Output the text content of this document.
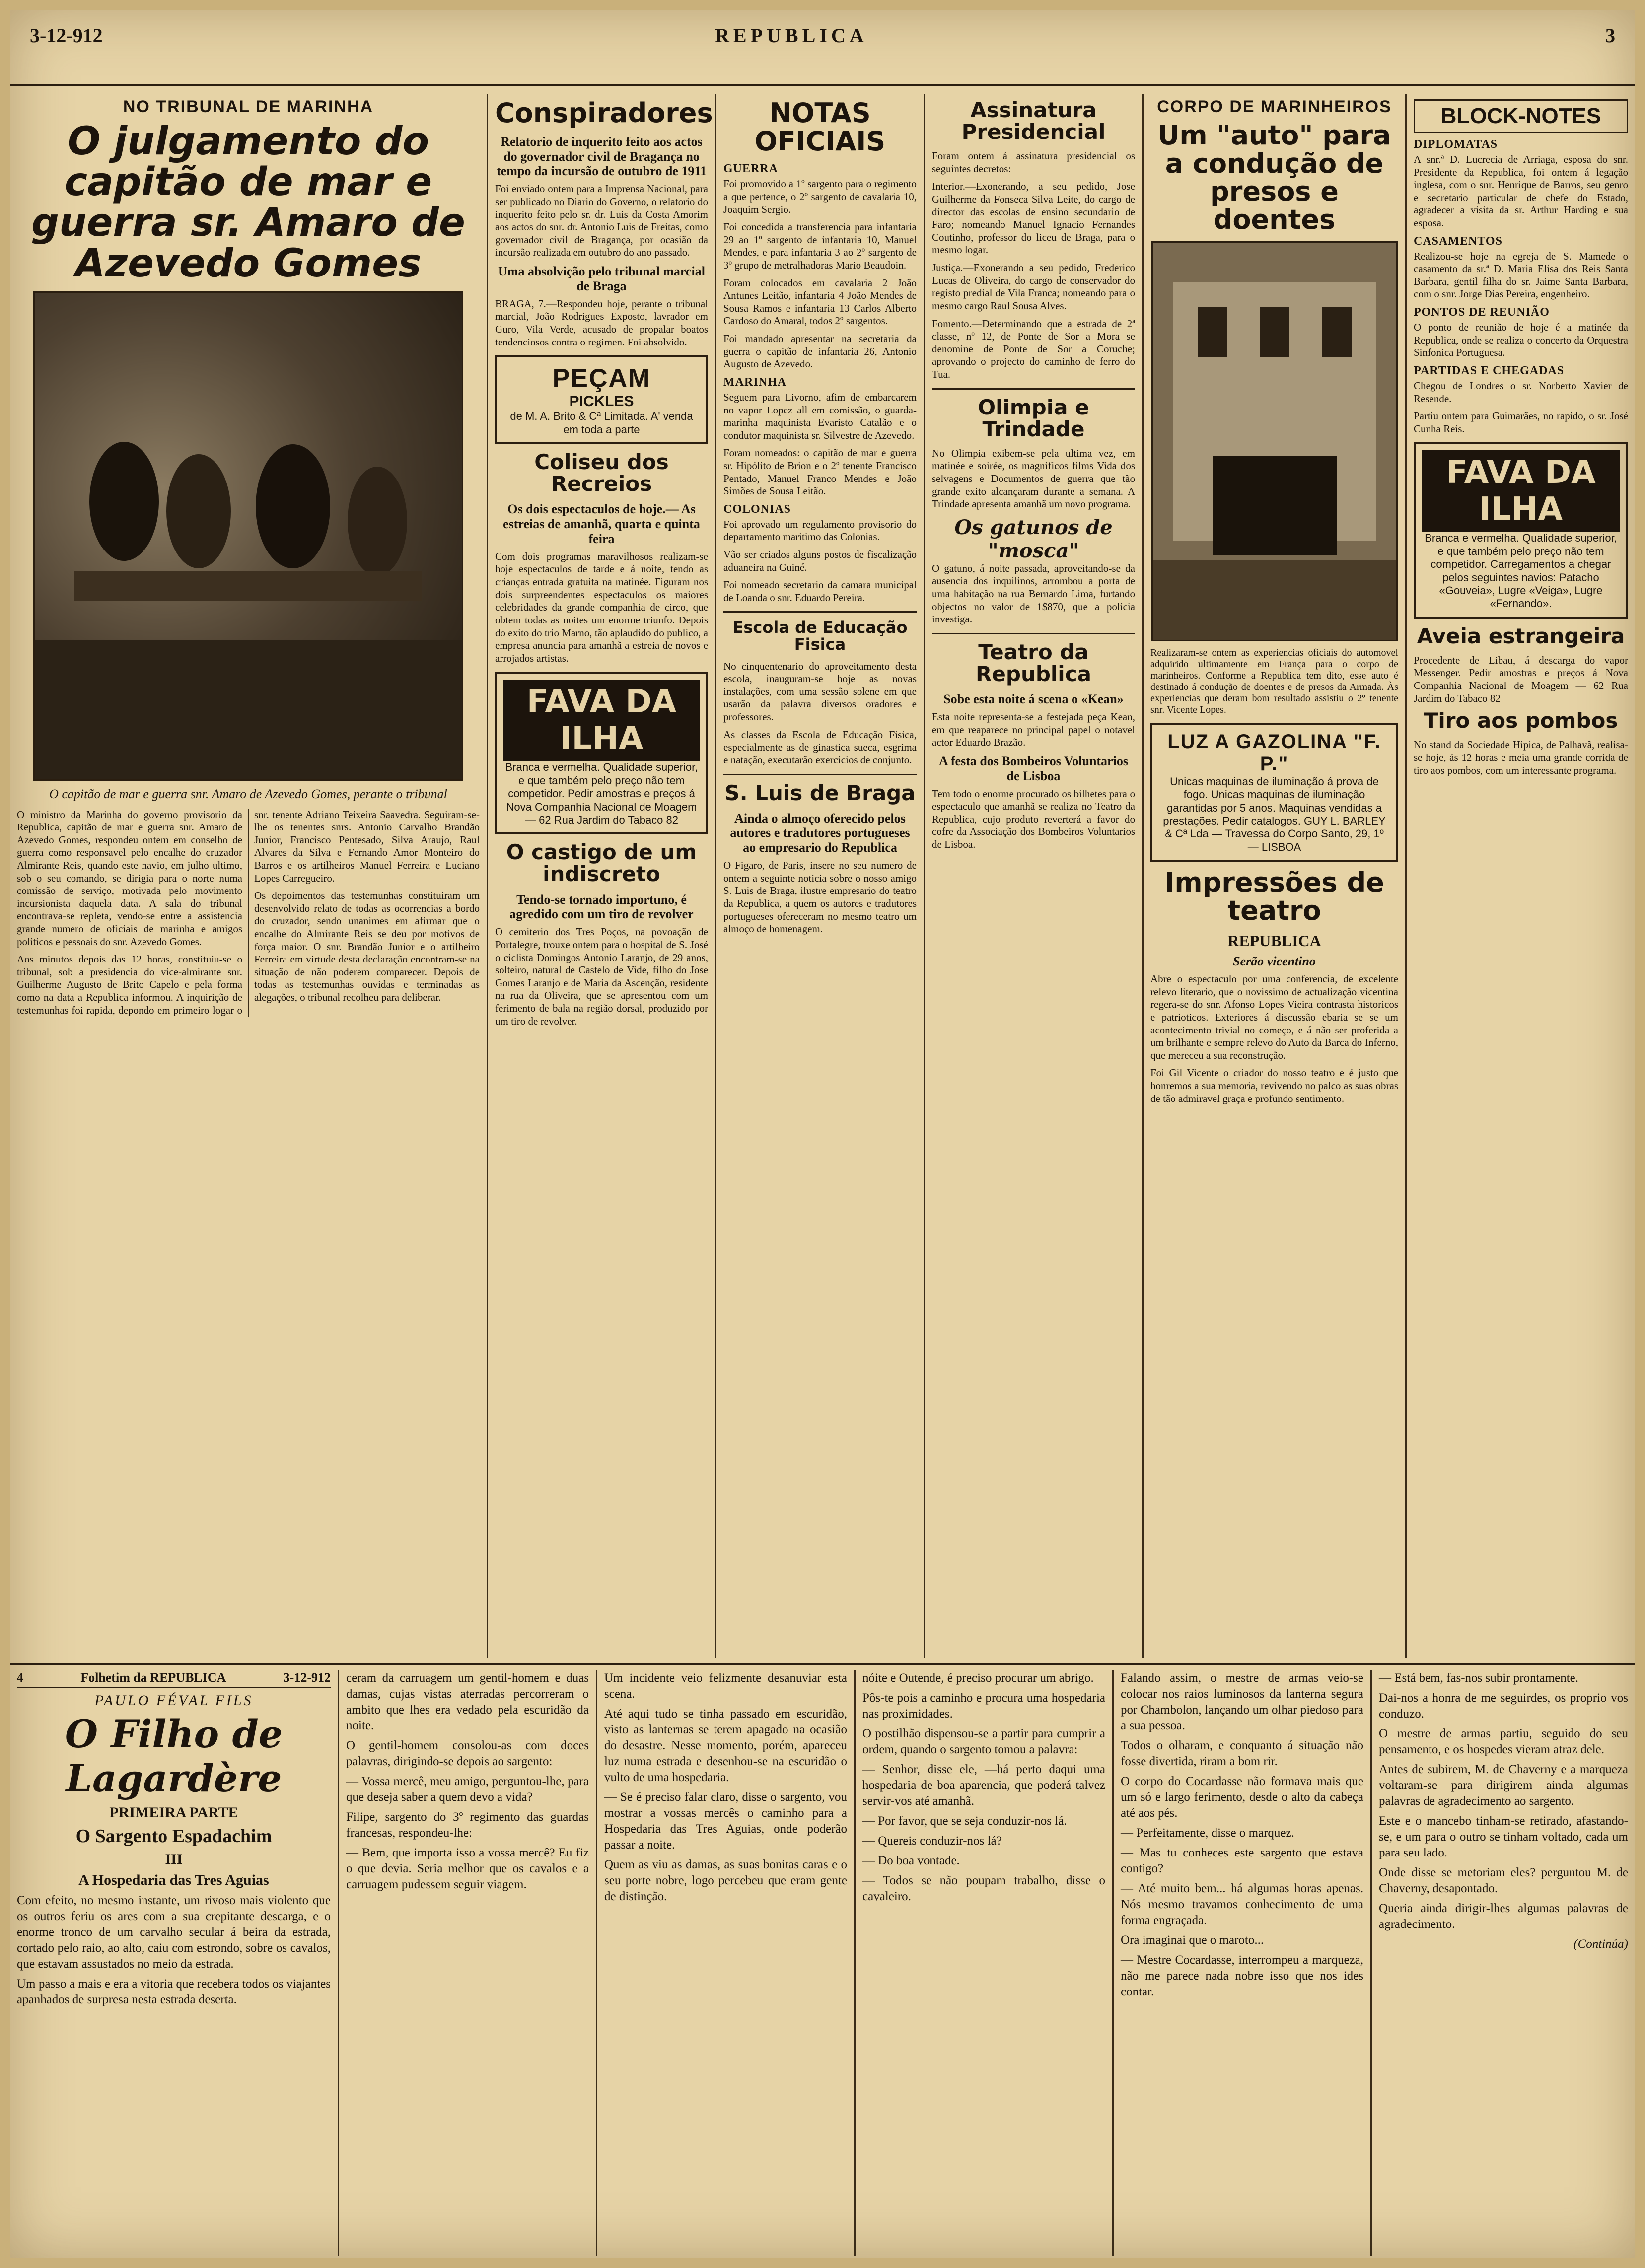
3-12-912	REPUBLICA	3
NO TRIBUNAL DE MARINHA
O julgamento do capitão de mar e guerra sr. Amaro de Azevedo Gomes
O capitão de mar e guerra snr. Amaro de Azevedo Gomes, perante o tribunal

O ministro da Marinha do governo provisorio da Republica, capitão de mar e guerra snr. Amaro de Azevedo Gomes, respondeu ontem em conselho de guerra como responsavel pelo encalhe do cruzador Almirante Reis, quando este navio, em julho ultimo, sob o seu comando, se dirigia para o norte numa comissão de serviço, motivada pelo movimento incursionista daquela data. A sala do tribunal encontrava-se repleta, vendo-se entre a assistencia grande numero de oficiais de marinha e amigos politicos e pessoais do snr. Azevedo Gomes.

Aos minutos depois das 12 horas, constituiu-se o tribunal, sob a presidencia do vice-almirante snr. Guilherme Augusto de Brito Capelo e pela forma como na data a Republica informou. A inquirição de testemunhas foi rapida, depondo em primeiro logar o snr. tenente Adriano Teixeira Saavedra. Seguiram-se-lhe os tenentes snrs. Antonio Carvalho Brandão Junior, Francisco Pentesado, Silva Araujo, Raul Alvares da Silva e Fernando Amor Monteiro do Barros e os artilheiros Manuel Ferreira e Luciano Lopes Carregueiro.

Os depoimentos das testemunhas constituiram um desenvolvido relato de todas as ocorrencias a bordo do cruzador, sendo unanimes em afirmar que o encalhe do Almirante Reis se deu por motivos de força maior. O snr. Brandão Junior e o artilheiro Ferreira em virtude desta declaração encontram-se na situação de não poderem comparecer. Depois de todas as testemunhas ouvidas e terminadas as alegações, o tribunal recolheu para deliberar.

Conspiradores
Relatorio de inquerito feito aos actos do governador civil de Bragança no tempo da incursão de outubro de 1911

Foi enviado ontem para a Imprensa Nacional, para ser publicado no Diario do Governo, o relatorio do inquerito feito pelo sr. dr. Luis da Costa Amorim aos actos do snr. dr. Antonio Luis de Freitas, como governador civil de Bragança, por ocasião da incursão realizada em outubro do ano passado.

Uma absolvição pelo tribunal marcial de Braga

BRAGA, 7.—Respondeu hoje, perante o tribunal marcial, João Rodrigues Exposto, lavrador em Guro, Vila Verde, acusado de propalar boatos tendenciosos contra o regimen. Foi absolvido.

PEÇAM
PICKLES
de M. A. Brito & Cª Limitada. A' venda em toda a parte
Coliseu dos Recreios
Os dois espectaculos de hoje.— As estreias de amanhã, quarta e quinta feira

Com dois programas maravilhosos realizam-se hoje espectaculos de tarde e á noite, tendo as crianças entrada gratuita na matinée. Figuram nos dois surpreendentes espectaculos os maiores celebridades da grande companhia de circo, que obtem todas as noites um enorme triunfo. Depois do exito do trio Marno, tão aplaudido do publico, a empresa anuncia para amanhã a estreia de novos e arrojados artistas.

FAVA DA ILHA
Branca e vermelha. Qualidade superior, e que também pelo preço não tem competidor. Pedir amostras e preços á Nova Companhia Nacional de Moagem — 62 Rua Jardim do Tabaco 82
O castigo de um indiscreto
Tendo-se tornado importuno, é agredido com um tiro de revolver

O cemiterio dos Tres Poços, na povoação de Portalegre, trouxe ontem para o hospital de S. José o ciclista Domingos Antonio Laranjo, de 29 anos, solteiro, natural de Castelo de Vide, filho do Jose Gomes Laranjo e de Maria da Ascenção, residente na rua da Oliveira, que se apresentou com um ferimento de bala na região dorsal, produzido por um tiro de revolver.

NOTAS OFICIAIS
GUERRA

Foi promovido a 1º sargento para o regimento a que pertence, o 2º sargento de cavalaria 10, Joaquim Sergio.

Foi concedida a transferencia para infantaria 29 ao 1º sargento de infantaria 10, Manuel Mendes, e para infantaria 3 ao 2º sargento de 3º grupo de metralhadoras Mario Beaudoin.

Foram colocados em cavalaria 2 João Antunes Leitão, infantaria 4 João Mendes de Sousa Ramos e infantaria 13 Carlos Alberto Cardoso do Amaral, todos 2º sargentos.

Foi mandado apresentar na secretaria da guerra o capitão de infantaria 26, Antonio Augusto de Azevedo.

MARINHA

Seguem para Livorno, afim de embarcarem no vapor Lopez all em comissão, o guarda-marinha maquinista Evaristo Catalão e o condutor maquinista sr. Silvestre de Azevedo.

Foram nomeados: o capitão de mar e guerra sr. Hipólito de Brion e o 2º tenente Francisco Pentado, Manuel Franco Mendes e João Simões de Sousa Leitão.

COLONIAS

Foi aprovado um regulamento provisorio do departamento maritimo das Colonias.

Vão ser criados alguns postos de fiscalização aduaneira na Guiné.

Foi nomeado secretario da camara municipal de Loanda o snr. Eduardo Pereira.

Escola de Educação Fisica

No cinquentenario do aproveitamento desta escola, inauguram-se hoje as novas instalações, com uma sessão solene em que usarão da palavra diversos oradores e professores.

As classes da Escola de Educação Fisica, especialmente as de ginastica sueca, esgrima e natação, executarão exercicios de conjunto.

S. Luis de Braga
Ainda o almoço oferecido pelos autores e tradutores portugueses ao empresario do Republica

O Figaro, de Paris, insere no seu numero de ontem a seguinte noticia sobre o nosso amigo S. Luis de Braga, ilustre empresario do teatro da Republica, a quem os autores e tradutores portugueses ofereceram no mesmo teatro um almoço de homenagem.

Assinatura Presidencial

Foram ontem á assinatura presidencial os seguintes decretos:

Interior.—Exonerando, a seu pedido, Jose Guilherme da Fonseca Silva Leite, do cargo de director das escolas de ensino secundario de Faro; nomeando Manuel Ignacio Fernandes Coutinho, professor do liceu de Braga, para o mesmo logar.

Justiça.—Exonerando a seu pedido, Frederico Lucas de Oliveira, do cargo de conservador do registo predial de Vila Franca; nomeando para o mesmo cargo Raul Sousa Alves.

Fomento.—Determinando que a estrada de 2ª classe, nº 12, de Ponte de Sor a Mora se denomine de Ponte de Sor a Coruche; aprovando o projecto do caminho de ferro do Tua.

Olimpia e Trindade

No Olimpia exibem-se pela ultima vez, em matinée e soirée, os magnificos films Vida dos selvagens e Documentos de guerra que tão grande exito alcançaram durante a semana. A Trindade apresenta amanhã um novo programa.

Os gatunos de "mosca"

O gatuno, á noite passada, aproveitando-se da ausencia dos inquilinos, arrombou a porta de uma habitação na rua Bernardo Lima, furtando objectos no valor de 1$870, que a policia investiga.

Teatro da Republica
Sobe esta noite á scena o «Kean»

Esta noite representa-se a festejada peça Kean, em que reaparece no principal papel o notavel actor Eduardo Brazão.

A festa dos Bombeiros Voluntarios de Lisboa

Tem todo o enorme procurado os bilhetes para o espectaculo que amanhã se realiza no Teatro da Republica, cujo produto reverterá a favor do cofre da Associação dos Bombeiros Voluntarios de Lisboa.

CORPO DE MARINHEIROS
Um "auto" para a condução de presos e doentes
Realizaram-se ontem as experiencias oficiais do automovel adquirido ultimamente em França para o corpo de marinheiros. Conforme a Republica tem dito, esse auto é destinado á condução de doentes e de presos da Armada. Às experiencias que deram bom resultado assistiu o 2º tenente snr. Vicente Lopes.
LUZ A GAZOLINA "F. P."
Unicas maquinas de iluminação á prova de fogo. Unicas maquinas de iluminação garantidas por 5 anos. Maquinas vendidas a prestações. Pedir catalogos. GUY L. BARLEY & Cª Lda — Travessa do Corpo Santo, 29, 1º — LISBOA
Impressões de teatro
REPUBLICA
Serão vicentino

Abre o espectaculo por uma conferencia, de excelente relevo literario, que o novissimo de actualização vicentina regera-se do snr. Afonso Lopes Vieira contrasta historicos e patrioticos. Exteriores á discussão ebaria se se um acontecimento trivial no começo, e á não ser proferida a um brilhante e sempre relevo do Auto da Barca do Inferno, que mereceu a sua reconstrução.

Foi Gil Vicente o criador do nosso teatro e é justo que honremos a sua memoria, revivendo no palco as suas obras de tão admiravel graça e profundo sentimento.

BLOCK-NOTES
DIPLOMATAS

A snr.ª D. Lucrecia de Arriaga, esposa do snr. Presidente da Republica, foi ontem á legação inglesa, com o snr. Henrique de Barros, seu genro e secretario particular de chefe do Estado, agradecer a visita da sr. Arthur Harding e sua esposa.

CASAMENTOS

Realizou-se hoje na egreja de S. Mamede o casamento da sr.ª D. Maria Elisa dos Reis Santa Barbara, gentil filha do sr. Jaime Santa Barbara, com o snr. Jorge Dias Pereira, engenheiro.

PONTOS DE REUNIÃO

O ponto de reunião de hoje é a matinée da Republica, onde se realiza o concerto da Orquestra Sinfonica Portuguesa.

PARTIDAS E CHEGADAS

Chegou de Londres o sr. Norberto Xavier de Resende.

Partiu ontem para Guimarães, no rapido, o sr. José Cunha Reis.

FAVA DA ILHA
Branca e vermelha. Qualidade superior, e que também pelo preço não tem competidor. Carregamentos a chegar pelos seguintes navios: Patacho «Gouveia», Lugre «Veiga», Lugre «Fernando».
Aveia estrangeira

Procedente de Libau, á descarga do vapor Messenger. Pedir amostras e preços á Nova Companhia Nacional de Moagem — 62 Rua Jardim do Tabaco 82

Tiro aos pombos

No stand da Sociedade Hipica, de Palhavã, realisa-se hoje, ás 12 horas e meia uma grande corrida de tiro aos pombos, com um interessante programa.

4	Folhetim da REPUBLICA	3-12-912
PAULO FÉVAL FILS
O Filho de Lagardère
PRIMEIRA PARTE
O Sargento Espadachim
III
A Hospedaria das Tres Aguias

Com efeito, no mesmo instante, um rivoso mais violento que os outros feriu os ares com a sua crepitante descarga, e o enorme tronco de um carvalho secular á beira da estrada, cortado pelo raio, ao alto, caiu com estrondo, sobre os cavalos, que estavam assustados no meio da estrada.

Um passo a mais e era a vitoria que recebera todos os viajantes apanhados de surpresa nesta estrada deserta.

ceram da carruagem um gentil-homem e duas damas, cujas vistas aterradas percorreram o ambito que lhes era vedado pela escuridão da noite.

O gentil-homem consolou-as com doces palavras, dirigindo-se depois ao sargento:

— Vossa mercê, meu amigo, perguntou-lhe, para que deseja saber a quem devo a vida?

Filipe, sargento do 3º regimento das guardas francesas, respondeu-lhe:

— Bem, que importa isso a vossa mercê? Eu fiz o que devia. Seria melhor que os cavalos e a carruagem pudessem seguir viagem.

Um incidente veio felizmente desanuviar esta scena.

Até aqui tudo se tinha passado em escuridão, visto as lanternas se terem apagado na ocasião do desastre. Nesse momento, porém, apareceu luz numa estrada e desenhou-se na escuridão o vulto de uma hospedaria.

— Se é preciso falar claro, disse o sargento, vou mostrar a vossas mercês o caminho para a Hospedaria das Tres Aguias, onde poderão passar a noite.

Quem as viu as damas, as suas bonitas caras e o seu porte nobre, logo percebeu que eram gente de distinção.

nóite e Outende, é preciso procurar um abrigo.

Pôs-te pois a caminho e procura uma hospedaria nas proximidades.

O postilhão dispensou-se a partir para cumprir a ordem, quando o sargento tomou a palavra:

— Senhor, disse ele, —há perto daqui uma hospedaria de boa aparencia, que poderá talvez servir-vos até amanhã.

— Por favor, que se seja conduzir-nos lá.

— Quereis conduzir-nos lá?

— Do boa vontade.

— Todos se não poupam trabalho, disse o cavaleiro.

Falando assim, o mestre de armas veio-se colocar nos raios luminosos da lanterna segura por Chambolon, lançando um olhar piedoso para a sua pessoa.

Todos o olharam, e conquanto á situação não fosse divertida, riram a bom rir.

O corpo do Cocardasse não formava mais que um só e largo ferimento, desde o alto da cabeça até aos pés.

— Perfeitamente, disse o marquez.

— Mas tu conheces este sargento que estava contigo?

— Até muito bem... há algumas horas apenas. Nós mesmo travamos conhecimento de uma forma engraçada.

Ora imaginai que o maroto...

— Mestre Cocardasse, interrompeu a marqueza, não me parece nada nobre isso que nos ides contar.

— Está bem, fas-nos subir prontamente.

Dai-nos a honra de me seguirdes, os proprio vos conduzo.

O mestre de armas partiu, seguido do seu pensamento, e os hospedes vieram atraz dele.

Antes de subirem, M. de Chaverny e a marqueza voltaram-se para dirigirem ainda algumas palavras de agradecimento ao sargento.

Este e o mancebo tinham-se retirado, afastando-se, e um para o outro se tinham voltado, cada um para seu lado.

Onde disse se metoriam eles? perguntou M. de Chaverny, desapontado.

Queria ainda dirigir-lhes algumas palavras de agradecimento.

(Continúa)
